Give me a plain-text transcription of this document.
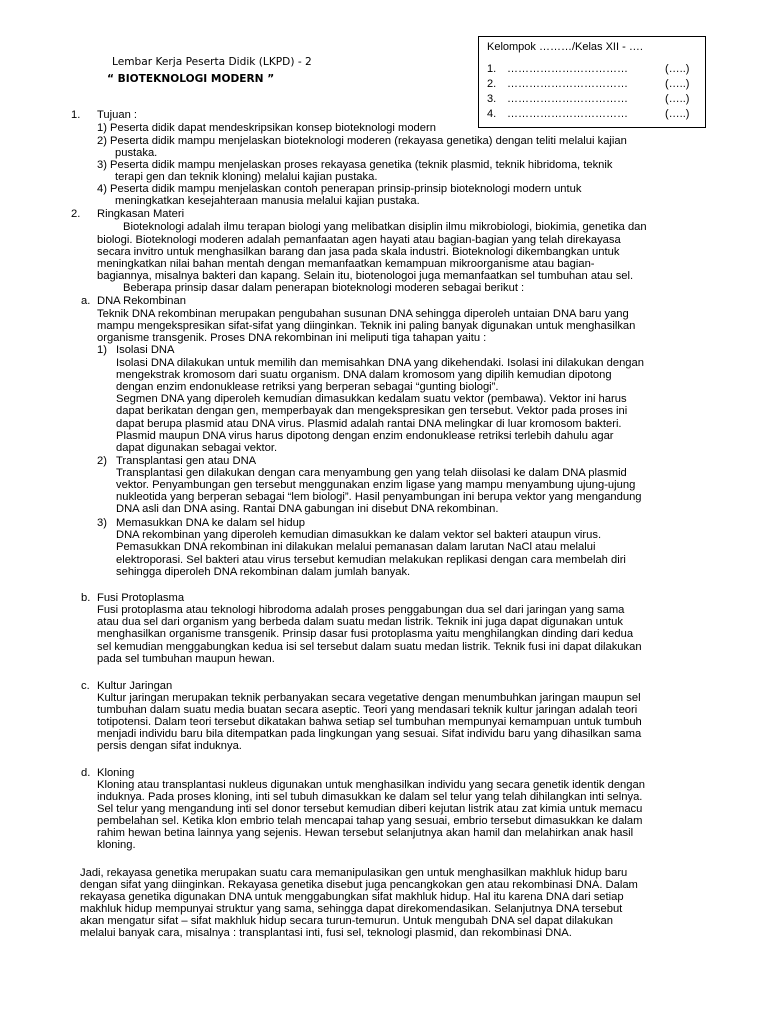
Lembar Kerja Peserta Didik (LKPD) - 2
“ BIOTEKNOLOGI MODERN ”
Kelompok ………/Kelas XII - ….
1. ……………………………	(…..)
2. ……………………………	(…..)
3. ……………………………	(…..)
4. ……………………………	(…..)
1. Tujuan :
1) Peserta didik dapat mendeskripsikan konsep bioteknologi modern
2) Peserta didik mampu menjelaskan bioteknologi moderen (rekayasa genetika) dengan teliti melalui kajian
pustaka.
3) Peserta didik mampu menjelaskan proses rekayasa genetika (teknik plasmid, teknik hibridoma, teknik
terapi gen dan teknik kloning) melalui kajian pustaka.
4) Peserta didik mampu menjelaskan contoh penerapan prinsip-prinsip bioteknologi modern untuk
meningkatkan kesejahteraan manusia melalui kajian pustaka.
2. Ringkasan Materi
Bioteknologi adalah ilmu terapan biologi yang melibatkan disiplin ilmu mikrobiologi, biokimia, genetika dan
biologi. Bioteknologi moderen adalah pemanfaatan agen hayati atau bagian-bagian yang telah direkayasa
secara invitro untuk menghasilkan barang dan jasa pada skala industri. Bioteknologi dikembangkan untuk
meningkatkan nilai bahan mentah dengan memanfaatkan kemampuan mikroorganisme atau bagian-
bagiannya, misalnya bakteri dan kapang. Selain itu, biotenologoi juga memanfaatkan sel tumbuhan atau sel.
Beberapa prinsip dasar dalam penerapan bioteknologi moderen sebagai berikut :
a. DNA Rekombinan
Teknik DNA rekombinan merupakan pengubahan susunan DNA sehingga diperoleh untaian DNA baru yang
mampu mengekspresikan sifat-sifat yang diinginkan. Teknik ini paling banyak digunakan untuk menghasilkan
organisme transgenik. Proses DNA rekombinan ini meliputi tiga tahapan yaitu :
1) Isolasi DNA
Isolasi DNA dilakukan untuk memilih dan memisahkan DNA yang dikehendaki. Isolasi ini dilakukan dengan
mengekstrak kromosom dari suatu organism. DNA dalam kromosom yang dipilih kemudian dipotong
dengan enzim endonuklease retriksi yang berperan sebagai “gunting biologi”.
Segmen DNA yang diperoleh kemudian dimasukkan kedalam suatu vektor (pembawa). Vektor ini harus
dapat berikatan dengan gen, memperbayak dan mengekspresikan gen tersebut. Vektor pada proses ini
dapat berupa plasmid atau DNA virus. Plasmid adalah rantai DNA melingkar di luar kromosom bakteri.
Plasmid maupun DNA virus harus dipotong dengan enzim endonuklease retriksi terlebih dahulu agar
dapat digunakan sebagai vektor.
2) Transplantasi gen atau DNA
Transplantasi gen dilakukan dengan cara menyambung gen yang telah diisolasi ke dalam DNA plasmid
vektor. Penyambungan gen tersebut menggunakan enzim ligase yang mampu menyambung ujung-ujung
nukleotida yang berperan sebagai “lem biologi”. Hasil penyambungan ini berupa vektor yang mengandung
DNA asli dan DNA asing. Rantai DNA gabungan ini disebut DNA rekombinan.
3) Memasukkan DNA ke dalam sel hidup
DNA rekombinan yang diperoleh kemudian dimasukkan ke dalam vektor sel bakteri ataupun virus.
Pemasukkan DNA rekombinan ini dilakukan melalui pemanasan dalam larutan NaCl atau melalui
elektroporasi. Sel bakteri atau virus tersebut kemudian melakukan replikasi dengan cara membelah diri
sehingga diperoleh DNA rekombinan dalam jumlah banyak.
b. Fusi Protoplasma
Fusi protoplasma atau teknologi hibrodoma adalah proses penggabungan dua sel dari jaringan yang sama
atau dua sel dari organism yang berbeda dalam suatu medan listrik. Teknik ini juga dapat digunakan untuk
menghasilkan organisme transgenik. Prinsip dasar fusi protoplasma yaitu menghilangkan dinding dari kedua
sel kemudian menggabungkan kedua isi sel tersebut dalam suatu medan listrik. Teknik fusi ini dapat dilakukan
pada sel tumbuhan maupun hewan.
c. Kultur Jaringan
Kultur jaringan merupakan teknik perbanyakan secara vegetative dengan menumbuhkan jaringan maupun sel
tumbuhan dalam suatu media buatan secara aseptic. Teori yang mendasari teknik kultur jaringan adalah teori
totipotensi. Dalam teori tersebut dikatakan bahwa setiap sel tumbuhan mempunyai kemampuan untuk tumbuh
menjadi individu baru bila ditempatkan pada lingkungan yang sesuai. Sifat individu baru yang dihasilkan sama
persis dengan sifat induknya.
d. Kloning
Kloning atau transplantasi nukleus digunakan untuk menghasilkan individu yang secara genetik identik dengan
induknya. Pada proses kloning, inti sel tubuh dimasukkan ke dalam sel telur yang telah dihilangkan inti selnya.
Sel telur yang mengandung inti sel donor tersebut kemudian diberi kejutan listrik atau zat kimia untuk memacu
pembelahan sel. Ketika klon embrio telah mencapai tahap yang sesuai, embrio tersebut dimasukkan ke dalam
rahim hewan betina lainnya yang sejenis. Hewan tersebut selanjutnya akan hamil dan melahirkan anak hasil
kloning.
Jadi, rekayasa genetika merupakan suatu cara memanipulasikan gen untuk menghasilkan makhluk hidup baru
dengan sifat yang diinginkan. Rekayasa genetika disebut juga pencangkokan gen atau rekombinasi DNA. Dalam
rekayasa genetika digunakan DNA untuk menggabungkan sifat makhluk hidup. Hal itu karena DNA dari setiap
makhluk hidup mempunyai struktur yang sama, sehingga dapat direkomendasikan. Selanjutnya DNA tersebut
akan mengatur sifat – sifat makhluk hidup secara turun-temurun. Untuk mengubah DNA sel dapat dilakukan
melalui banyak cara, misalnya : transplantasi inti, fusi sel, teknologi plasmid, dan rekombinasi DNA.
